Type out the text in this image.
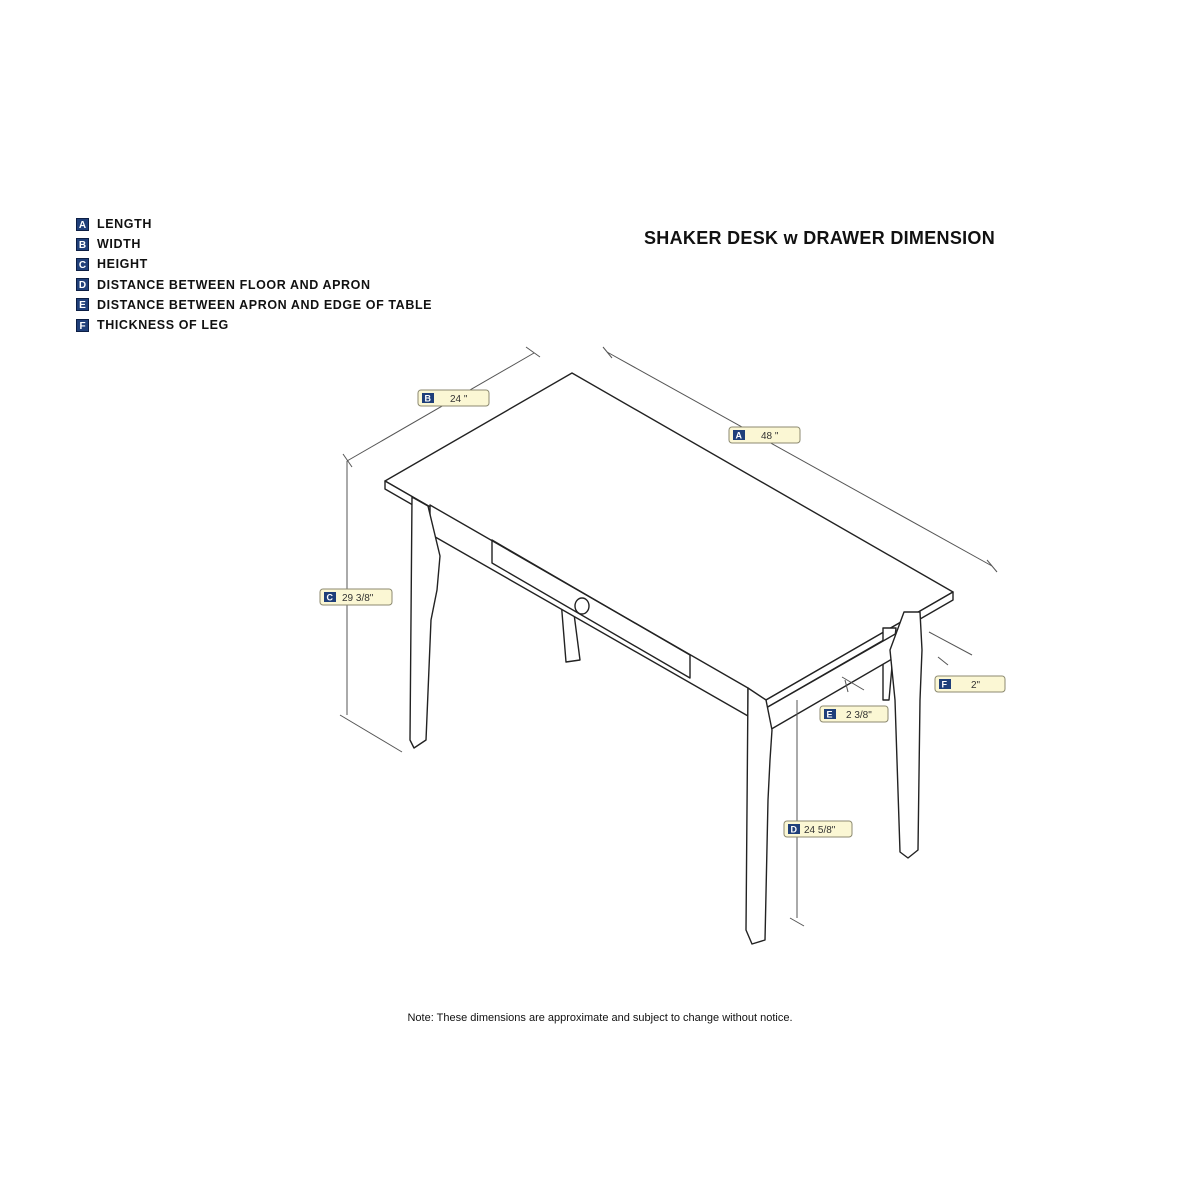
A LENGTH
B WIDTH
C HEIGHT
D DISTANCE BETWEEN FLOOR AND APRON
E DISTANCE BETWEEN APRON AND EDGE OF TABLE
F THICKNESS OF LEG
SHAKER DESK w DRAWER DIMENSION
B 24 "
A 48 "
C 29 3/8"
F 2"
E 2 3/8"
D 24 5/8"
Note: These dimensions are approximate and subject to change without notice.
